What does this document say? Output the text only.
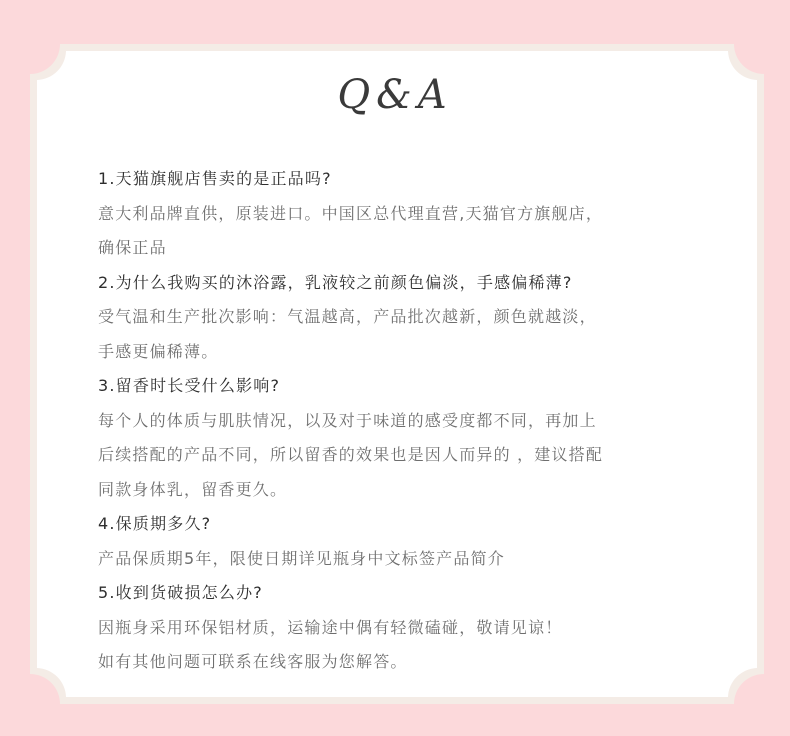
Q&A
1.天猫旗舰店售卖的是正品吗?
意大利品牌直供，原装进口。中国区总代理直营,天猫官方旗舰店，
确保正品
2.为什么我购买的沐浴露，乳液较之前颜色偏淡，手感偏稀薄?
受气温和生产批次影响：气温越高，产品批次越新，颜色就越淡，
手感更偏稀薄。
3.留香时长受什么影响?
每个人的体质与肌肤情况，以及对于味道的感受度都不同，再加上
后续搭配的产品不同，所以留香的效果也是因人而异的 ，建议搭配
同款身体乳，留香更久。
4.保质期多久?
产品保质期5年，限使日期详见瓶身中文标签产品简介
5.收到货破损怎么办?
因瓶身采用环保铝材质，运输途中偶有轻微磕碰，敬请见谅！
如有其他问题可联系在线客服为您解答。
